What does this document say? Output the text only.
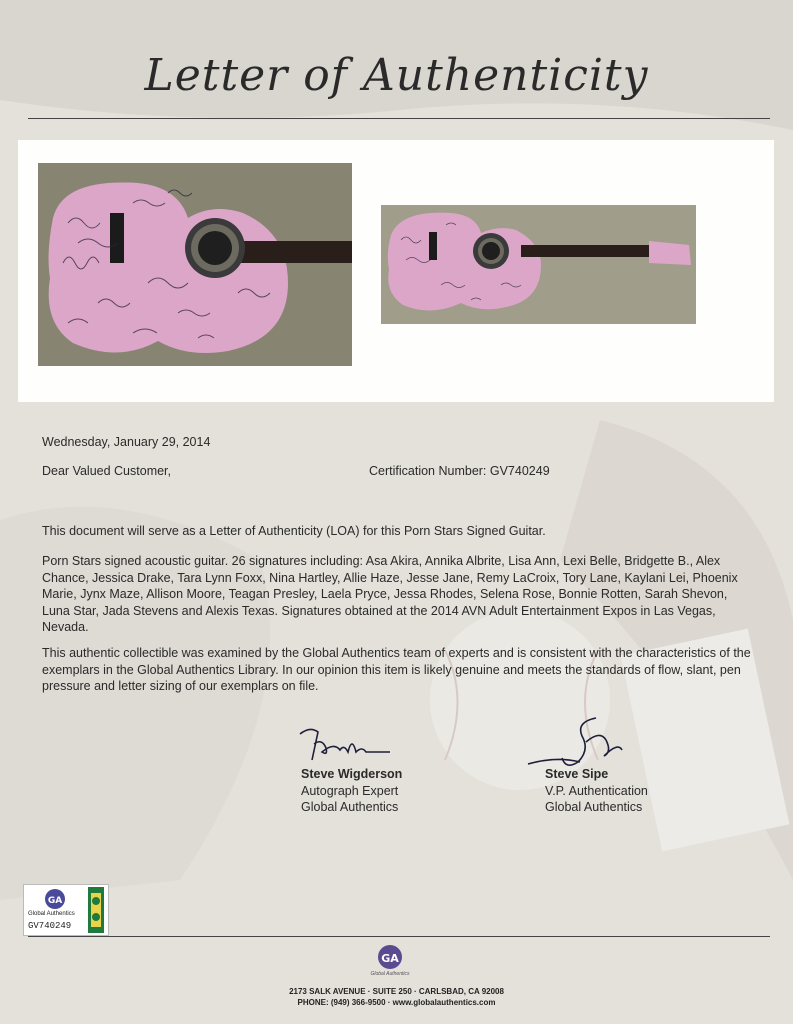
Letter of Authenticity
Wednesday, January 29, 2014
Dear Valued Customer,	Certification Number: GV740249
This document will serve as a Letter of Authenticity (LOA) for this Porn Stars Signed Guitar.
Porn Stars signed acoustic guitar. 26 signatures including: Asa Akira, Annika Albrite, Lisa Ann, Lexi Belle, Bridgette B., Alex Chance, Jessica Drake, Tara Lynn Foxx, Nina Hartley, Allie Haze, Jesse Jane, Remy LaCroix, Tory Lane, Kaylani Lei, Phoenix Marie, Jynx Maze, Allison Moore, Teagan Presley, Laela Pryce, Jessa Rhodes, Selena Rose, Bonnie Rotten, Sarah Shevon, Luna Star, Jada Stevens and Alexis Texas. Signatures obtained at the 2014 AVN Adult Entertainment Expos in Las Vegas, Nevada.
This authentic collectible was examined by the Global Authentics team of experts and is consistent with the characteristics of the exemplars in the Global Authentics Library. In our opinion this item is likely genuine and meets the standards of flow, slant, pen pressure and letter sizing of our exemplars on file.
Steve Wigderson
Autograph Expert
Global Authentics
Steve Sipe
V.P. Authentication
Global Authentics
GA
Global Authentics
GV740249
GA
Global Authentics
2173 SALK AVENUE · SUITE 250 · CARLSBAD, CA 92008
PHONE: (949) 366-9500 · www.globalauthentics.com
